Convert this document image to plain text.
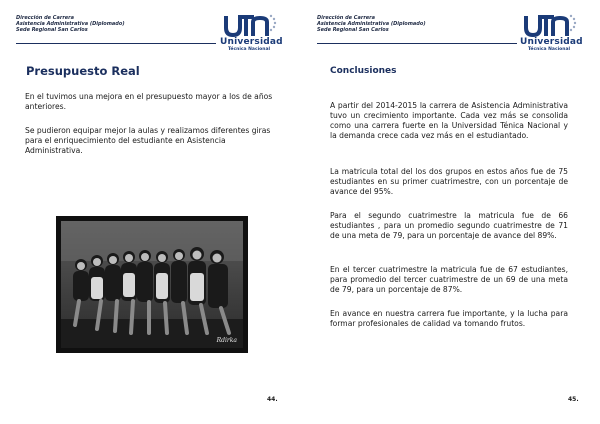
Dirección de Carrera
Asistencia Administrativa (Diplomado)
Sede Regional San Carlos
Universidad
Técnica Nacional
Presupuesto Real

En el tuvimos una mejora en el presupuesto mayor a los de años anteriores.

Se pudieron equipar mejor la aulas y realizamos diferentes giras para el enriquecimiento del estudiante en Asistencia Administrativa.

Rdirka
44.
Dirección de Carrera
Asistencia Administrativa (Diplomado)
Sede Regional San Carlos
Universidad
Técnica Nacional
Conclusiones

A partir del 2014-2015 la carrera de Asistencia Administrativa tuvo un crecimiento importante. Cada vez más se consolida como una carrera fuerte en la Universidad Ténica Nacional y la demanda crece cada vez más en el estudiantado.

La matricula total del los dos grupos en estos años fue de 75 estudiantes en su primer cuatrimestre, con un porcentaje de avance del 95%.

Para el segundo cuatrimestre la matricula fue de 66 estudiantes , para un promedio segundo cuatrimestre de 71 de una meta de 79, para un porcentaje de avance del 89%.

En el tercer cuatrimestre la matricula fue de 67 estudiantes, para promedio del tercer cuatrimestre de un 69 de una meta de 79, para un porcentaje de 87%.

En avance en nuestra carrera fue importante, y la lucha para formar profesionales de calidad va tomando frutos.

45.
